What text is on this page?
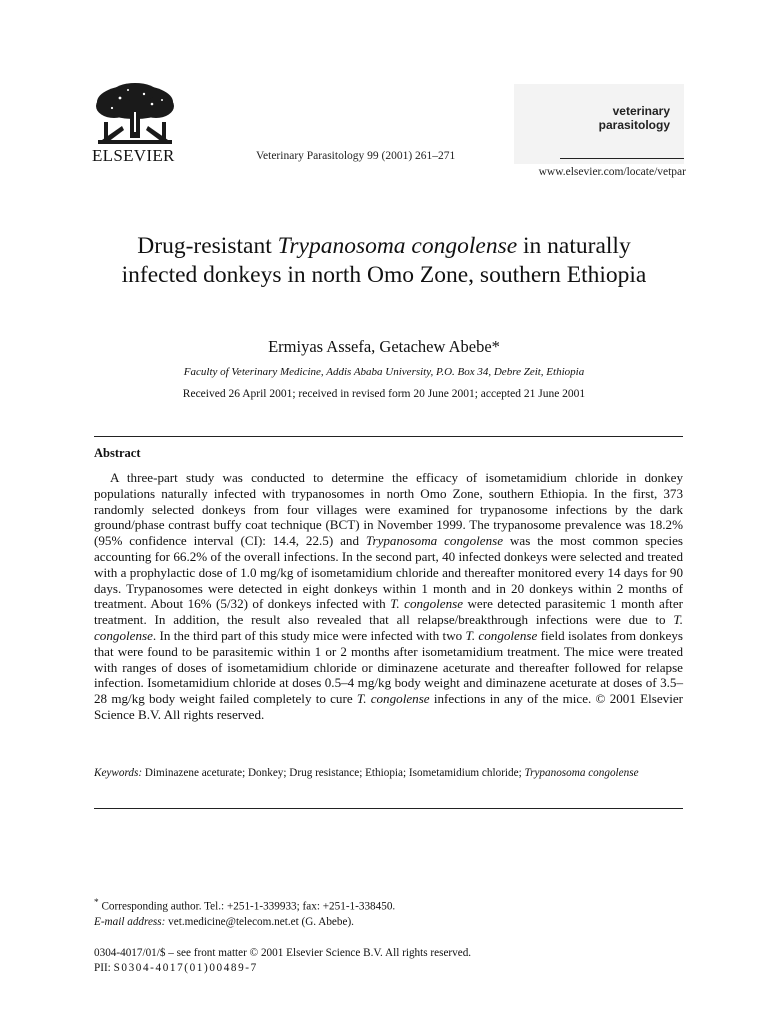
ELSEVIER	Veterinary Parasitology 99 (2001) 261–271
veterinary
parasitology
www.elsevier.com/locate/vetpar
Drug-resistant Trypanosoma congolense in naturally infected donkeys in north Omo Zone, southern Ethiopia
Ermiyas Assefa, Getachew Abebe*
Faculty of Veterinary Medicine, Addis Ababa University, P.O. Box 34, Debre Zeit, Ethiopia
Received 26 April 2001; received in revised form 20 June 2001; accepted 21 June 2001
Abstract

A three-part study was conducted to determine the efficacy of isometamidium chloride in donkey populations naturally infected with trypanosomes in north Omo Zone, southern Ethiopia. In the first, 373 randomly selected donkeys from four villages were examined for trypanosome infections by the dark ground/phase contrast buffy coat technique (BCT) in November 1999. The trypanosome prevalence was 18.2% (95% confidence interval (CI): 14.4, 22.5) and Trypanosoma congolense was the most common species accounting for 66.2% of the overall infections. In the second part, 40 infected donkeys were selected and treated with a prophylactic dose of 1.0 mg/kg of isometamidium chloride and thereafter monitored every 14 days for 90 days. Trypanosomes were detected in eight donkeys within 1 month and in 20 donkeys within 2 months of treatment. About 16% (5/32) of donkeys infected with T. congolense were detected parasitemic 1 month after treatment. In addition, the result also revealed that all relapse/breakthrough infections were due to T. congolense. In the third part of this study mice were infected with two T. congolense field isolates from donkeys that were found to be parasitemic within 1 or 2 months after isometamidium treatment. The mice were treated with ranges of doses of isometamidium chloride or diminazene aceturate and thereafter followed for relapse infection. Isometamidium chloride at doses 0.5–4 mg/kg body weight and diminazene aceturate at doses of 3.5–28 mg/kg body weight failed completely to cure T. congolense infections in any of the mice. © 2001 Elsevier Science B.V. All rights reserved.

Keywords: Diminazene aceturate; Donkey; Drug resistance; Ethiopia; Isometamidium chloride; Trypanosoma congolense
* Corresponding author. Tel.: +251-1-339933; fax: +251-1-338450.
E-mail address: vet.medicine@telecom.net.et (G. Abebe).
0304-4017/01/$ – see front matter © 2001 Elsevier Science B.V. All rights reserved.
PII: S0304-4017(01)00489-7
